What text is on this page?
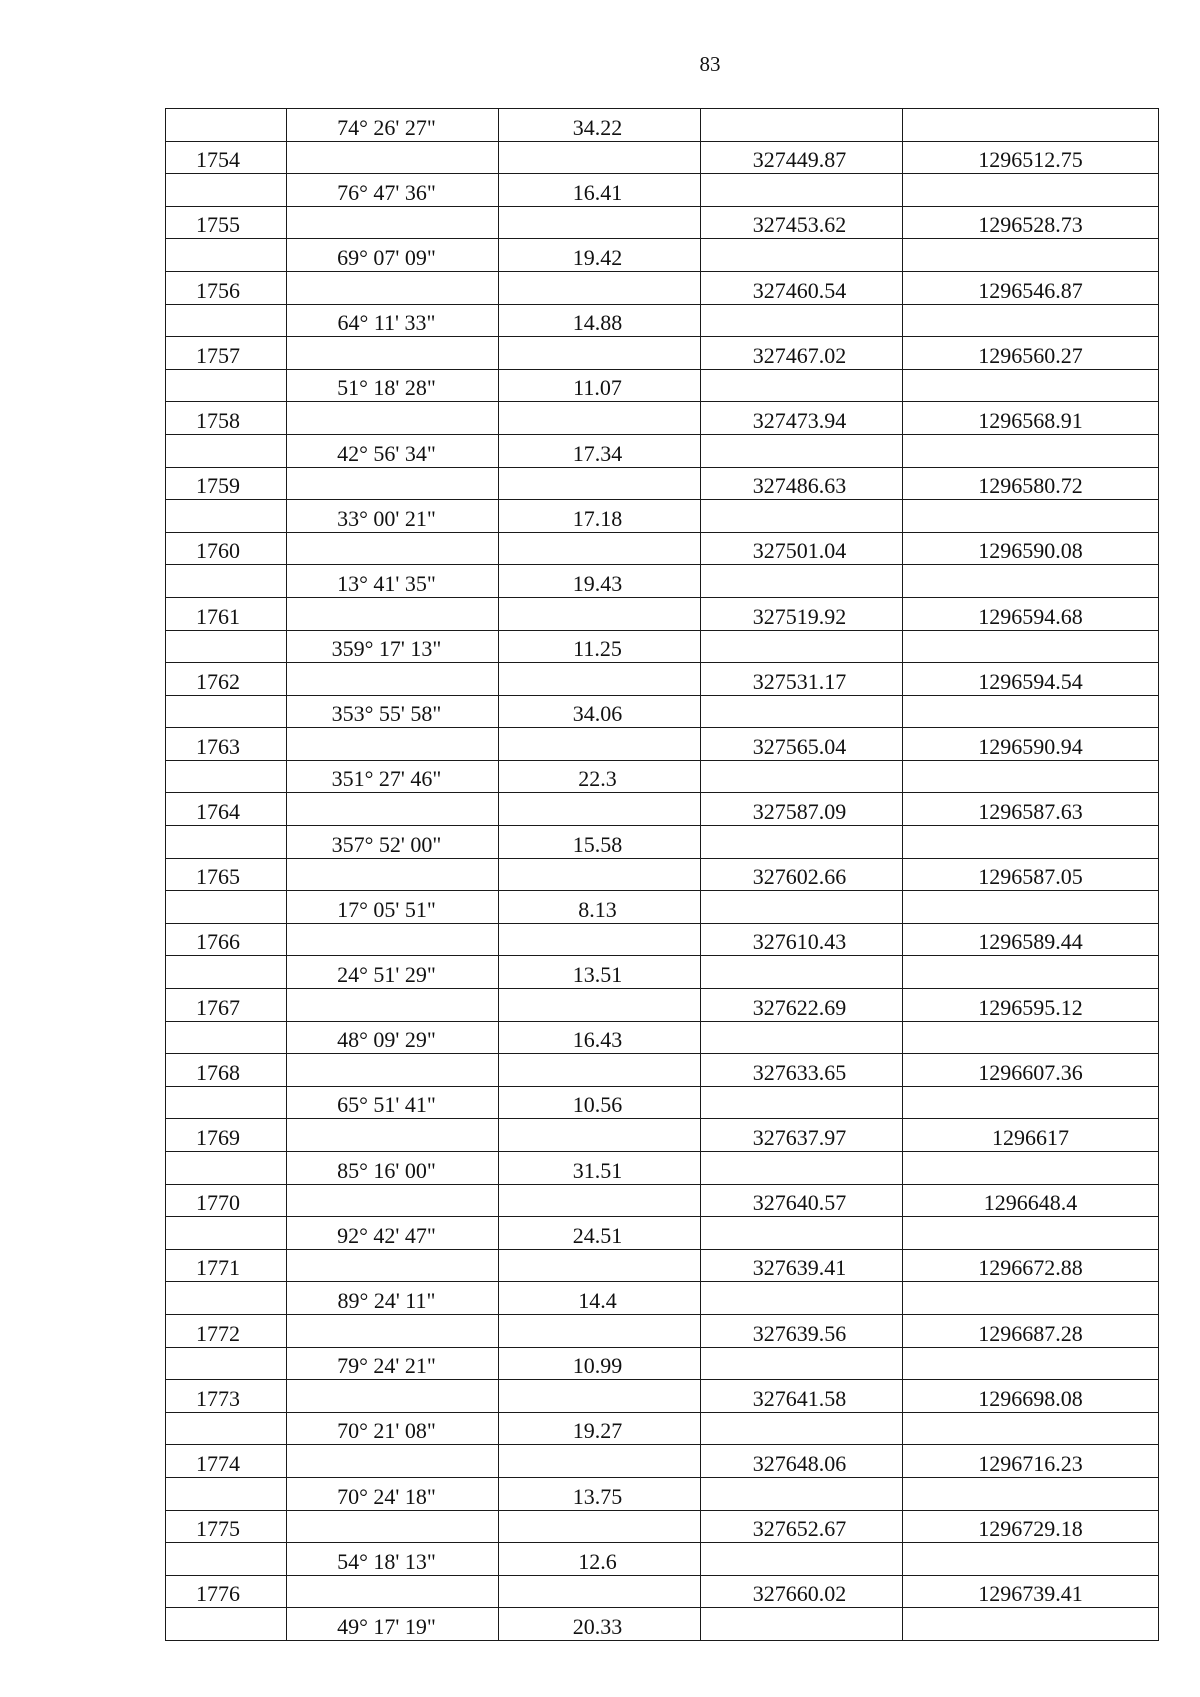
83
	74° 26' 27"	34.22		
1754			327449.87	1296512.75
	76° 47' 36"	16.41		
1755			327453.62	1296528.73
	69° 07' 09"	19.42		
1756			327460.54	1296546.87
	64° 11' 33"	14.88		
1757			327467.02	1296560.27
	51° 18' 28"	11.07		
1758			327473.94	1296568.91
	42° 56' 34"	17.34		
1759			327486.63	1296580.72
	33° 00' 21"	17.18		
1760			327501.04	1296590.08
	13° 41' 35"	19.43		
1761			327519.92	1296594.68
	359° 17' 13"	11.25		
1762			327531.17	1296594.54
	353° 55' 58"	34.06		
1763			327565.04	1296590.94
	351° 27' 46"	22.3		
1764			327587.09	1296587.63
	357° 52' 00"	15.58		
1765			327602.66	1296587.05
	17° 05' 51"	8.13		
1766			327610.43	1296589.44
	24° 51' 29"	13.51		
1767			327622.69	1296595.12
	48° 09' 29"	16.43		
1768			327633.65	1296607.36
	65° 51' 41"	10.56		
1769			327637.97	1296617
	85° 16' 00"	31.51		
1770			327640.57	1296648.4
	92° 42' 47"	24.51		
1771			327639.41	1296672.88
	89° 24' 11"	14.4		
1772			327639.56	1296687.28
	79° 24' 21"	10.99		
1773			327641.58	1296698.08
	70° 21' 08"	19.27		
1774			327648.06	1296716.23
	70° 24' 18"	13.75		
1775			327652.67	1296729.18
	54° 18' 13"	12.6		
1776			327660.02	1296739.41
	49° 17' 19"	20.33		
